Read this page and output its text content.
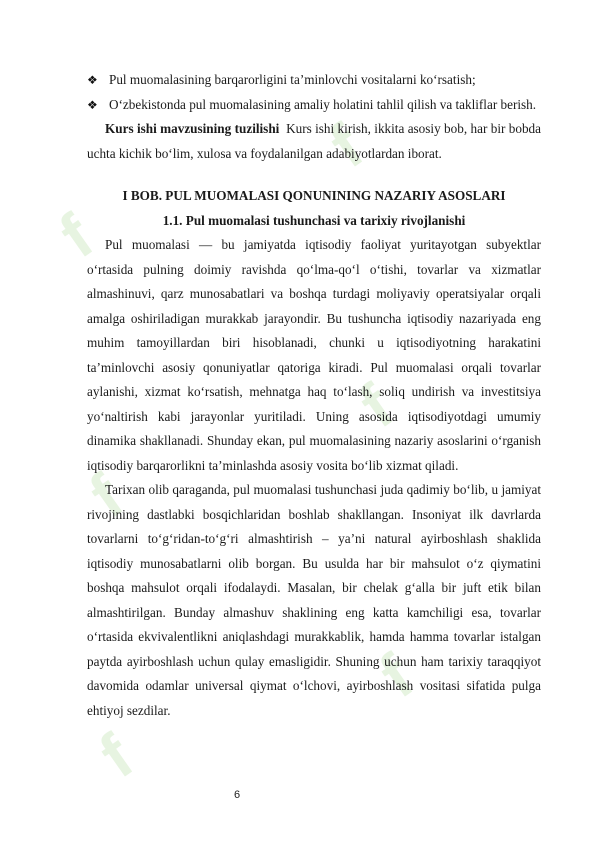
f
f
f
f
f
f
❖ Pul muomalasining barqarorligini ta’minlovchi vositalarni ko‘rsatish;
❖ O‘zbekistonda pul muomalasining amaliy holatini tahlil qilish va takliflar berish.

Kurs ishi mavzusining tuzilishi Kurs ishi kirish, ikkita asosiy bob, har bir bobda uchta kichik bo‘lim, xulosa va foydalanilgan adabiyotlardan iborat.

I BOB. PUL MUOMALASI QONUNINING NAZARIY ASOSLARI

1.1. Pul muomalasi tushunchasi va tarixiy rivojlanishi

Pul muomalasi — bu jamiyatda iqtisodiy faoliyat yuritayotgan subyektlar o‘rtasida pulning doimiy ravishda qo‘lma-qo‘l o‘tishi, tovarlar va xizmatlar almashinuvi, qarz munosabatlari va boshqa turdagi moliyaviy operatsiyalar orqali amalga oshiriladigan murakkab jarayondir. Bu tushuncha iqtisodiy nazariyada eng muhim tamoyillardan biri hisoblanadi, chunki u iqtisodiyotning harakatini ta’minlovchi asosiy qonuniyatlar qatoriga kiradi. Pul muomalasi orqali tovarlar aylanishi, xizmat ko‘rsatish, mehnatga haq to‘lash, soliq undirish va investitsiya yo‘naltirish kabi jarayonlar yuritiladi. Uning asosida iqtisodiyotdagi umumiy dinamika shakllanadi. Shunday ekan, pul muomalasining nazariy asoslarini o‘rganish iqtisodiy barqarorlikni ta’minlashda asosiy vosita bo‘lib xizmat qiladi.

Tarixan olib qaraganda, pul muomalasi tushunchasi juda qadimiy bo‘lib, u jamiyat rivojining dastlabki bosqichlaridan boshlab shakllangan. Insoniyat ilk davrlarda tovarlarni to‘g‘ridan-to‘g‘ri almashtirish – ya’ni natural ayirboshlash shaklida iqtisodiy munosabatlarni olib borgan. Bu usulda har bir mahsulot o‘z qiymatini boshqa mahsulot orqali ifodalaydi. Masalan, bir chelak g‘alla bir juft etik bilan almashtirilgan. Bunday almashuv shaklining eng katta kamchiligi esa, tovarlar o‘rtasida ekvivalentlikni aniqlashdagi murakkablik, hamda hamma tovarlar istalgan paytda ayirboshlash uchun qulay emasligidir. Shuning uchun ham tarixiy taraqqiyot davomida odamlar universal qiymat o‘lchovi, ayirboshlash vositasi sifatida pulga ehtiyoj sezdilar.

6
